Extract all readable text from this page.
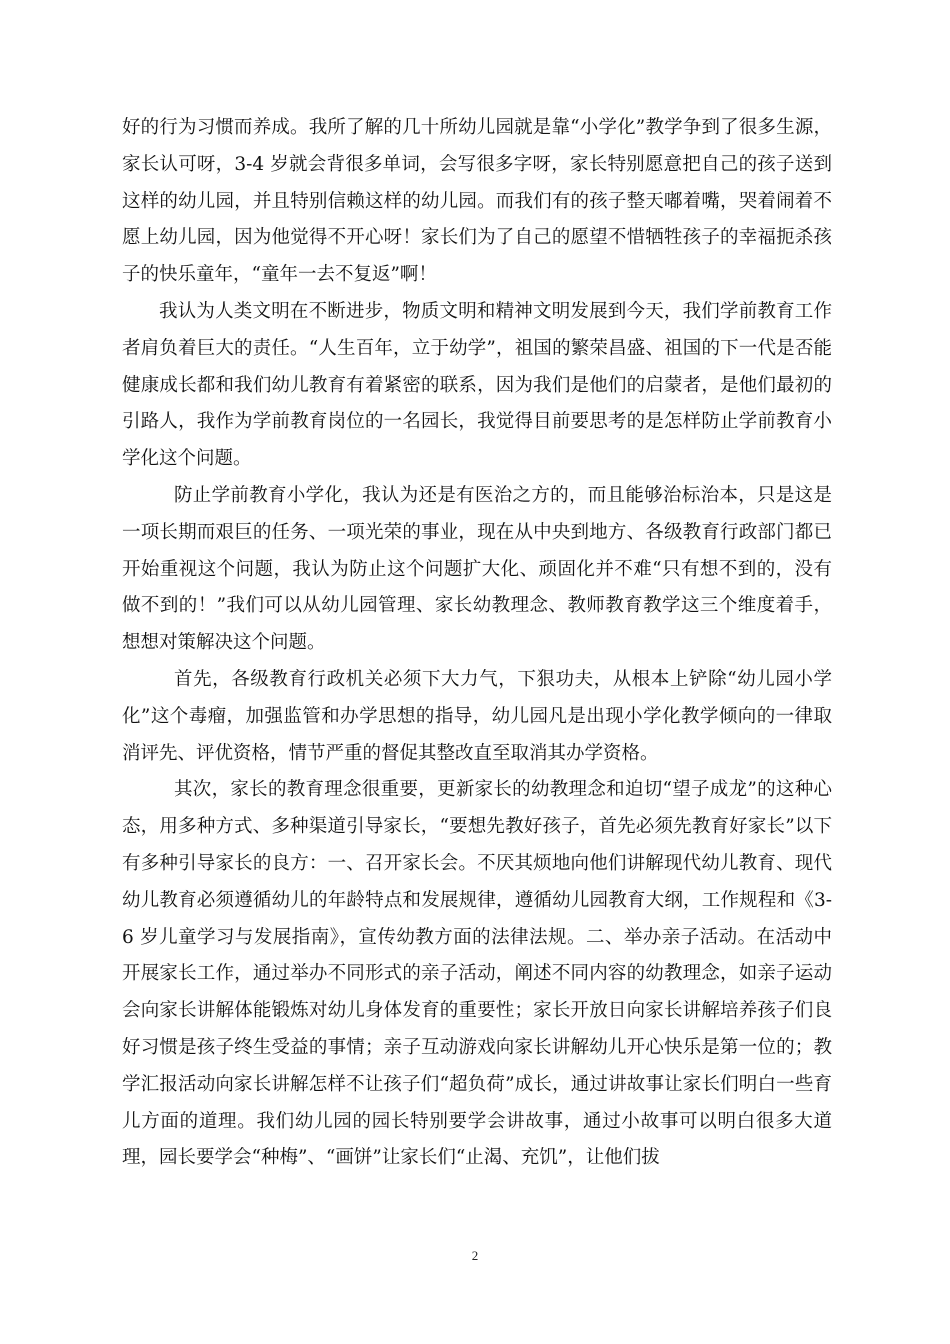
好的行为习惯而养成。我所了解的几十所幼儿园就是靠“小学化”教学争到了很多生源，家长认可呀，3-4 岁就会背很多单词，会写很多字呀，家长特别愿意把自己的孩子送到这样的幼儿园，并且特别信赖这样的幼儿园。而我们有的孩子整天嘟着嘴，哭着闹着不愿上幼儿园，因为他觉得不开心呀！家长们为了自己的愿望不惜牺牲孩子的幸福扼杀孩子的快乐童年，“童年一去不复返”啊！

我认为人类文明在不断进步，物质文明和精神文明发展到今天，我们学前教育工作者肩负着巨大的责任。“人生百年，立于幼学”，祖国的繁荣昌盛、祖国的下一代是否能健康成长都和我们幼儿教育有着紧密的联系，因为我们是他们的启蒙者，是他们最初的引路人，我作为学前教育岗位的一名园长，我觉得目前要思考的是怎样防止学前教育小学化这个问题。

防止学前教育小学化，我认为还是有医治之方的，而且能够治标治本，只是这是一项长期而艰巨的任务、一项光荣的事业，现在从中央到地方、各级教育行政部门都已开始重视这个问题，我认为防止这个问题扩大化、顽固化并不难“只有想不到的，没有做不到的！”我们可以从幼儿园管理、家长幼教理念、教师教育教学这三个维度着手，想想对策解决这个问题。

首先，各级教育行政机关必须下大力气，下狠功夫，从根本上铲除“幼儿园小学化”这个毒瘤，加强监管和办学思想的指导，幼儿园凡是出现小学化教学倾向的一律取消评先、评优资格，情节严重的督促其整改直至取消其办学资格。

其次，家长的教育理念很重要，更新家长的幼教理念和迫切“望子成龙”的这种心态，用多种方式、多种渠道引导家长，“要想先教好孩子，首先必须先教育好家长”以下有多种引导家长的良方：一、召开家长会。不厌其烦地向他们讲解现代幼儿教育、现代幼儿教育必须遵循幼儿的年龄特点和发展规律，遵循幼儿园教育大纲，工作规程和《3-6 岁儿童学习与发展指南》，宣传幼教方面的法律法规。二、举办亲子活动。在活动中开展家长工作，通过举办不同形式的亲子活动，阐述不同内容的幼教理念，如亲子运动会向家长讲解体能锻炼对幼儿身体发育的重要性；家长开放日向家长讲解培养孩子们良好习惯是孩子终生受益的事情；亲子互动游戏向家长讲解幼儿开心快乐是第一位的；教学汇报活动向家长讲解怎样不让孩子们“超负荷”成长，通过讲故事让家长们明白一些育儿方面的道理。我们幼儿园的园长特别要学会讲故事，通过小故事可以明白很多大道理，园长要学会“种梅”、“画饼”让家长们“止渴、充饥”，让他们拔

2
